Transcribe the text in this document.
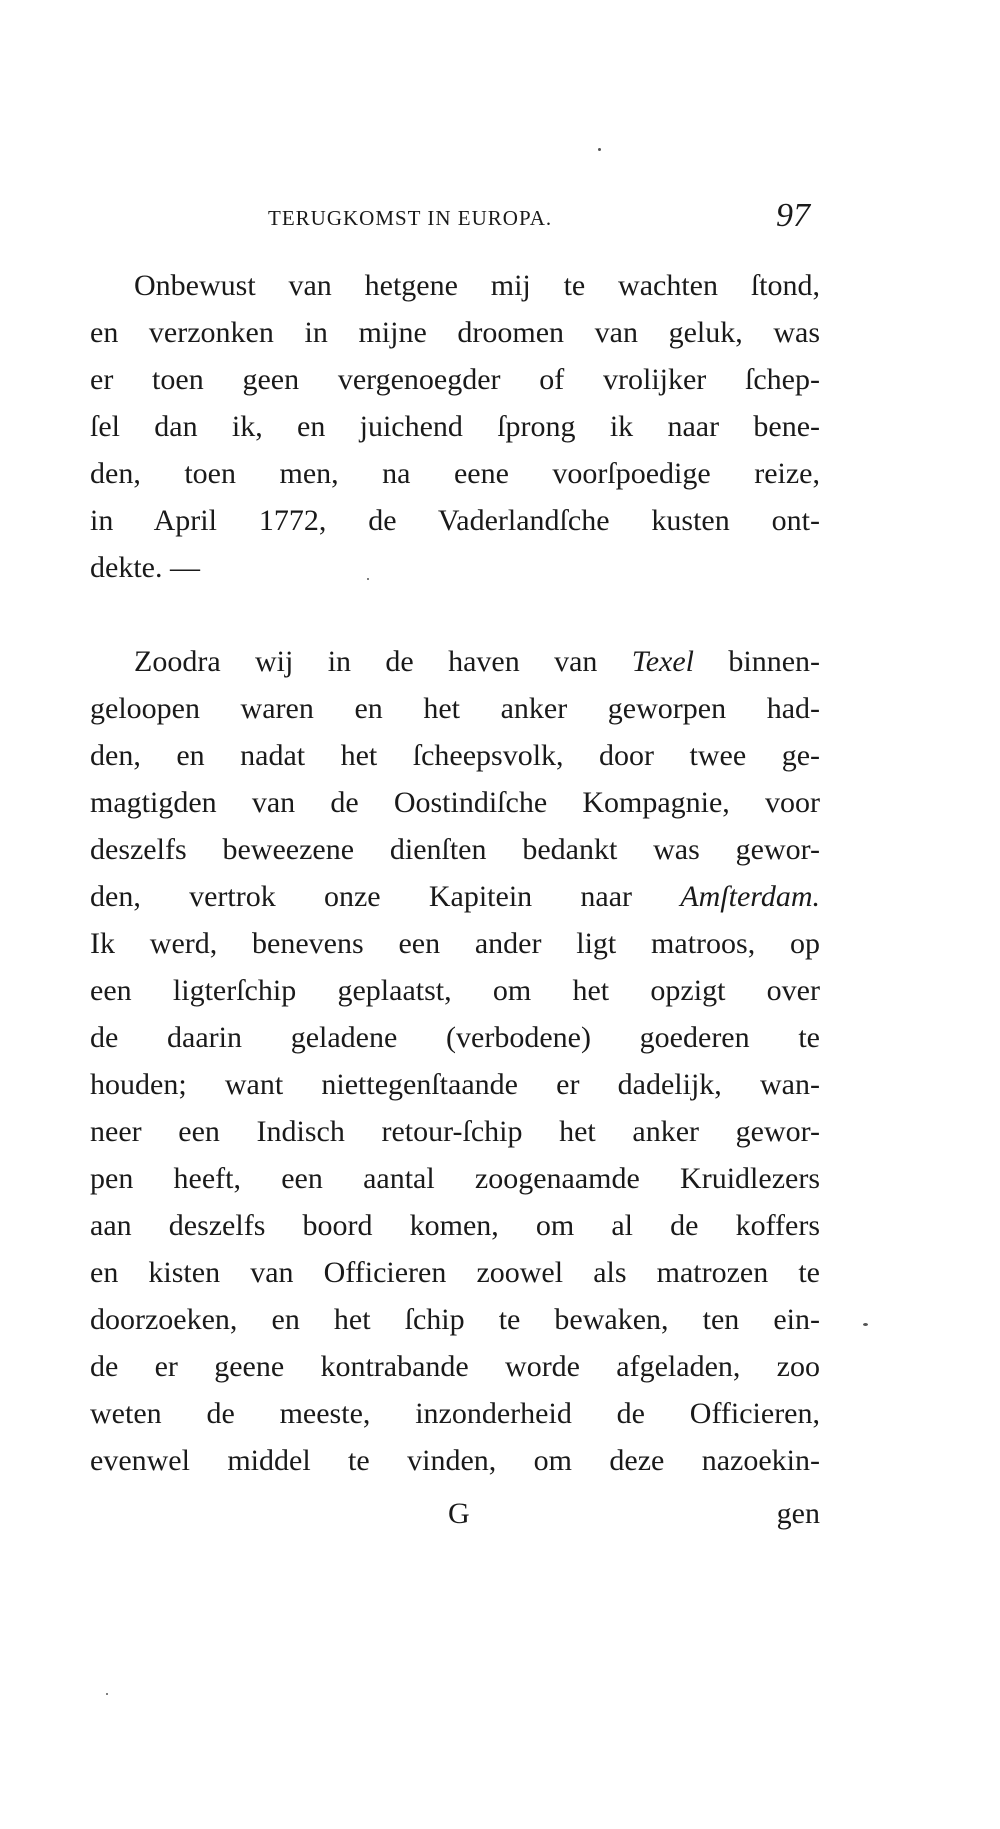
TERUGKOMST IN EUROPA.	97

Onbewust van hetgene mij te wachten ſtond,
en verzonken in mijne droomen van geluk, was
er toen geen vergenoegder of vrolijker ſchep-
ſel dan ik, en juichend ſprong ik naar bene-
den, toen men, na eene voorſpoedige reize,
in April 1772, de Vaderlandſche kusten ont-
dekte. —

Zoodra wij in de haven van Texel binnen-
geloopen waren en het anker geworpen had-
den, en nadat het ſcheepsvolk, door twee ge-
magtigden van de Oostindiſche Kompagnie, voor
deszelfs beweezene dienſten bedankt was gewor-
den, vertrok onze Kapitein naar Amſterdam.
Ik werd, benevens een ander ligt matroos, op
een ligterſchip geplaatst, om het opzigt over
de daarin geladene (verbodene) goederen te
houden; want niettegenſtaande er dadelijk, wan-
neer een Indisch retour-ſchip het anker gewor-
pen heeft, een aantal zoogenaamde Kruidlezers
aan deszelfs boord komen, om al de koffers
en kisten van Officieren zoowel als matrozen te
doorzoeken, en het ſchip te bewaken, ten ein-
de er geene kontrabande worde afgeladen, zoo
weten de meeste, inzonderheid de Officieren,
evenwel middel te vinden, om deze nazoekin-

G	gen
